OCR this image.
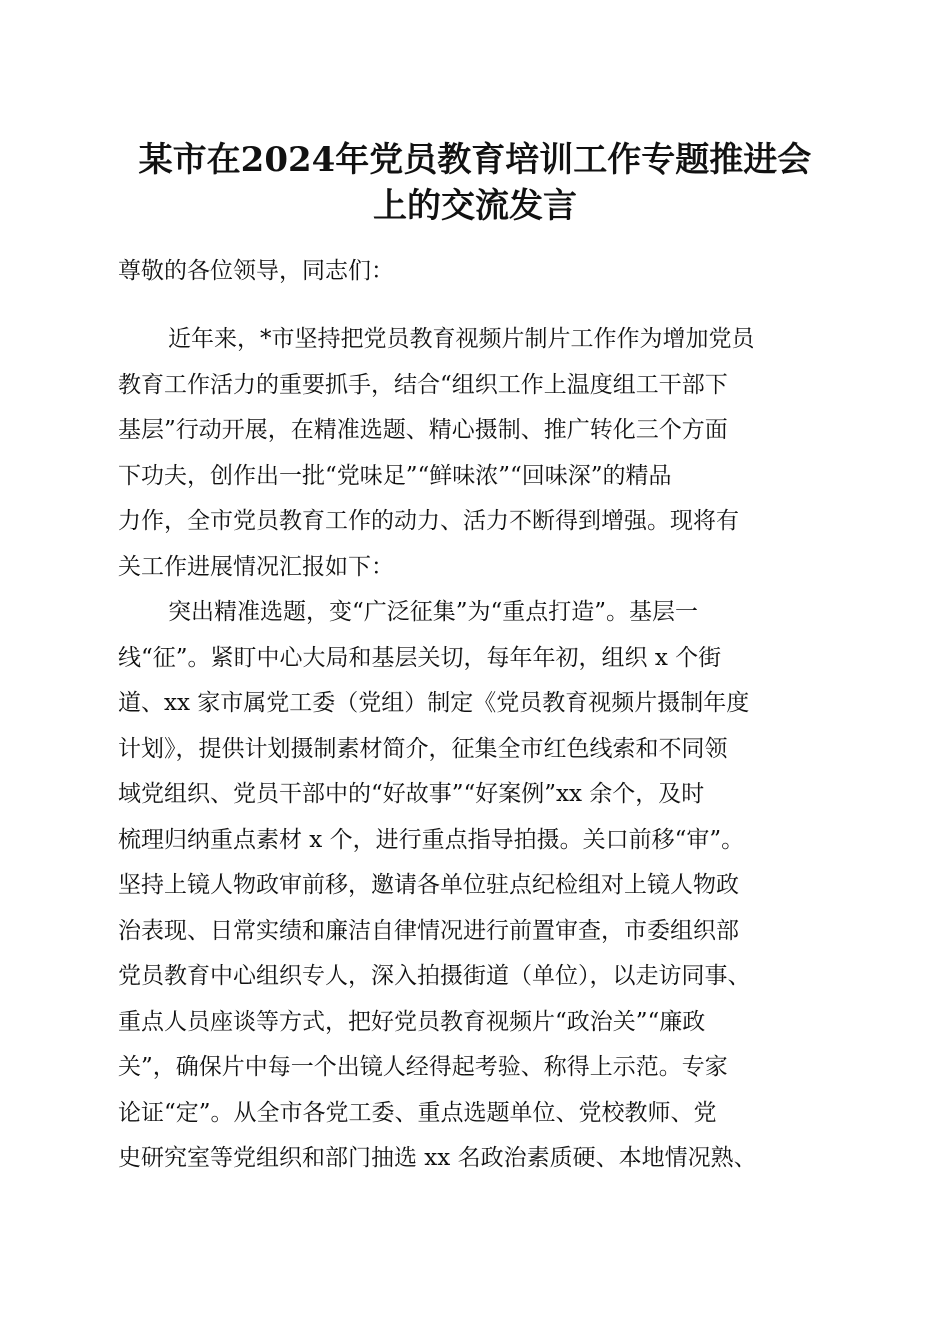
某市在2024年党员教育培训工作专题推进会
上的交流发言
尊敬的各位领导，同志们：
近年来，*市坚持把党员教育视频片制片工作作为增加党员
教育工作活力的重要抓手，结合“组织工作上温度组工干部下
基层”行动开展，在精准选题、精心摄制、推广转化三个方面
下功夫，创作出一批“党味足”“鲜味浓”“回味深”的精品
力作，全市党员教育工作的动力、活力不断得到增强。现将有
关工作进展情况汇报如下：
突出精准选题，变“广泛征集”为“重点打造”。基层一
线“征”。紧盯中心大局和基层关切，每年年初，组织 x 个街
道、xx 家市属党工委（党组）制定《党员教育视频片摄制年度
计划》，提供计划摄制素材简介，征集全市红色线索和不同领
域党组织、党员干部中的“好故事”“好案例”xx 余个，及时
梳理归纳重点素材 x 个，进行重点指导拍摄。关口前移“审”。
坚持上镜人物政审前移，邀请各单位驻点纪检组对上镜人物政
治表现、日常实绩和廉洁自律情况进行前置审查，市委组织部
党员教育中心组织专人，深入拍摄街道（单位），以走访同事、
重点人员座谈等方式，把好党员教育视频片“政治关”“廉政
关”，确保片中每一个出镜人经得起考验、称得上示范。专家
论证“定”。从全市各党工委、重点选题单位、党校教师、党
史研究室等党组织和部门抽选 xx 名政治素质硬、本地情况熟、
